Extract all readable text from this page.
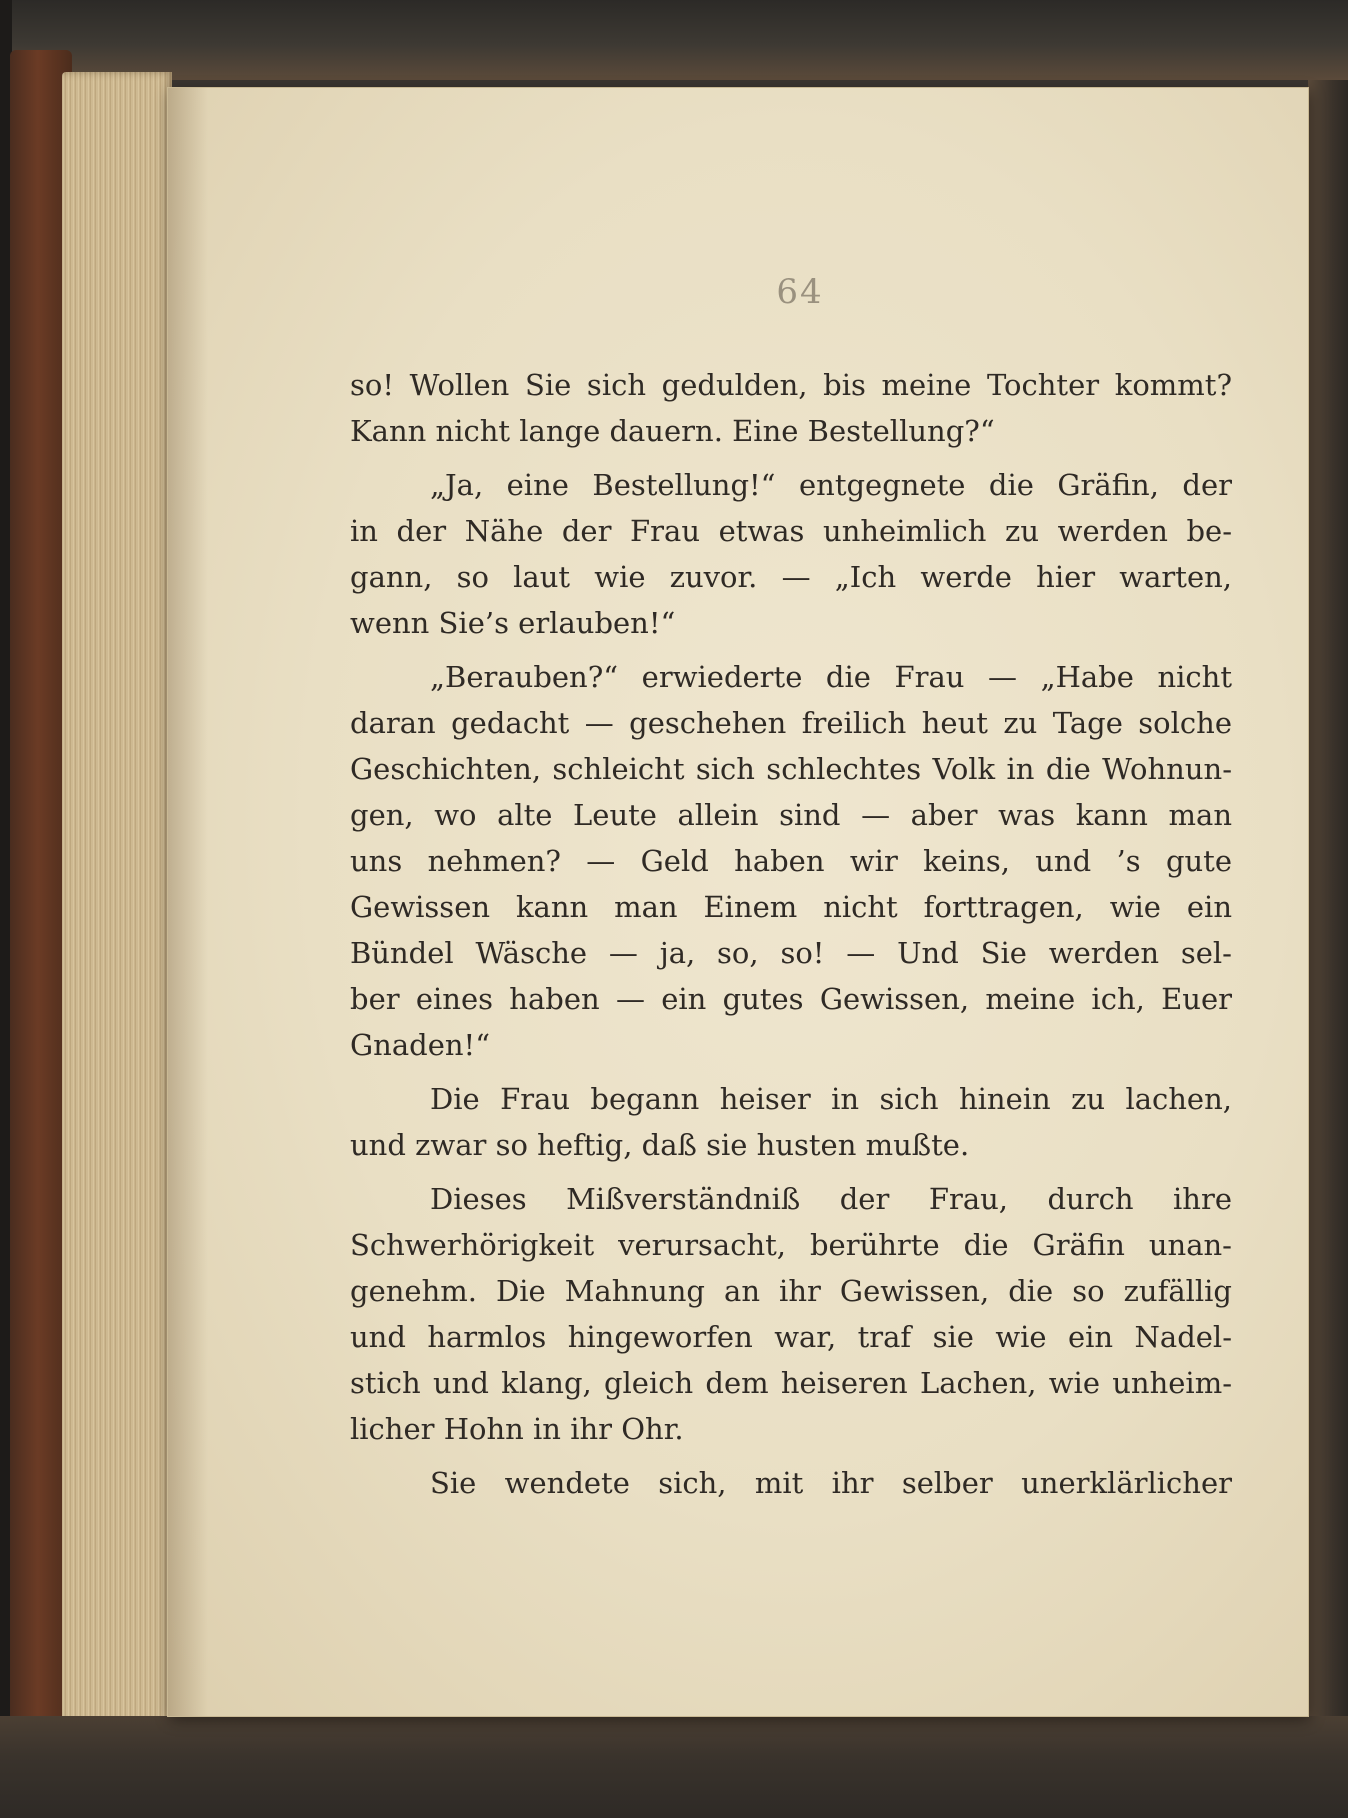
64
so! Wollen Sie sich gedulden, bis meine Tochter kommt?
Kann nicht lange dauern. Eine Bestellung?“
„Ja, eine Bestellung!“ entgegnete die Gräfin, der
in der Nähe der Frau etwas unheimlich zu werden be-
gann, so laut wie zuvor. — „Ich werde hier warten,
wenn Sie’s erlauben!“
„Berauben?“ erwiederte die Frau — „Habe nicht
daran gedacht — geschehen freilich heut zu Tage solche
Geschichten, schleicht sich schlechtes Volk in die Wohnun-
gen, wo alte Leute allein sind — aber was kann man
uns nehmen? — Geld haben wir keins, und ’s gute
Gewissen kann man Einem nicht forttragen, wie ein
Bündel Wäsche — ja, so, so! — Und Sie werden sel-
ber eines haben — ein gutes Gewissen, meine ich, Euer
Gnaden!“
Die Frau begann heiser in sich hinein zu lachen,
und zwar so heftig, daß sie husten mußte.
Dieses Mißverständniß der Frau, durch ihre
Schwerhörigkeit verursacht, berührte die Gräfin unan-
genehm. Die Mahnung an ihr Gewissen, die so zufällig
und harmlos hingeworfen war, traf sie wie ein Nadel-
stich und klang, gleich dem heiseren Lachen, wie unheim-
licher Hohn in ihr Ohr.
Sie wendete sich, mit ihr selber unerklärlicher
